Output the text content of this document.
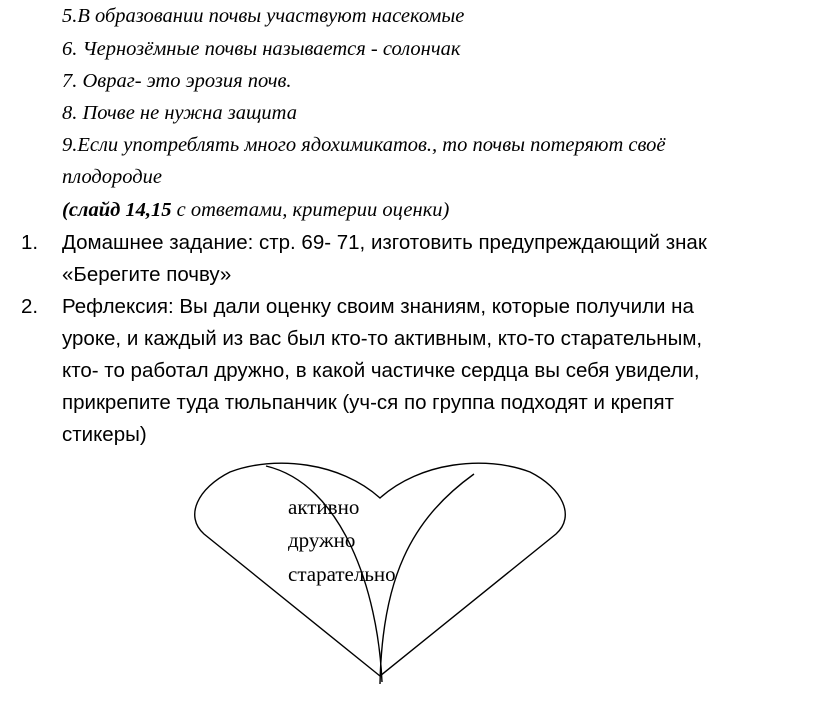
5.В образовании почвы участвуют насекомые
6. Чернозёмные почвы называется - солончак
7. Овраг- это эрозия почв.
8. Почве не нужна защита
9.Если употреблять много ядохимикатов., то почвы потеряют своё
плодородие
(слайд 14,15 с ответами, критерии оценки)
1. Домашнее задание: стр. 69- 71, изготовить предупреждающий знак
«Берегите почву»
2. Рефлексия: Вы дали оценку своим знаниям, которые получили на
уроке, и каждый из вас был кто-то активным, кто-то старательным,
кто- то работал дружно, в какой частичке сердца вы себя увидели,
прикрепите туда тюльпанчик (уч-ся по группа подходят и крепят
стикеры)
активно
дружно
старательно
